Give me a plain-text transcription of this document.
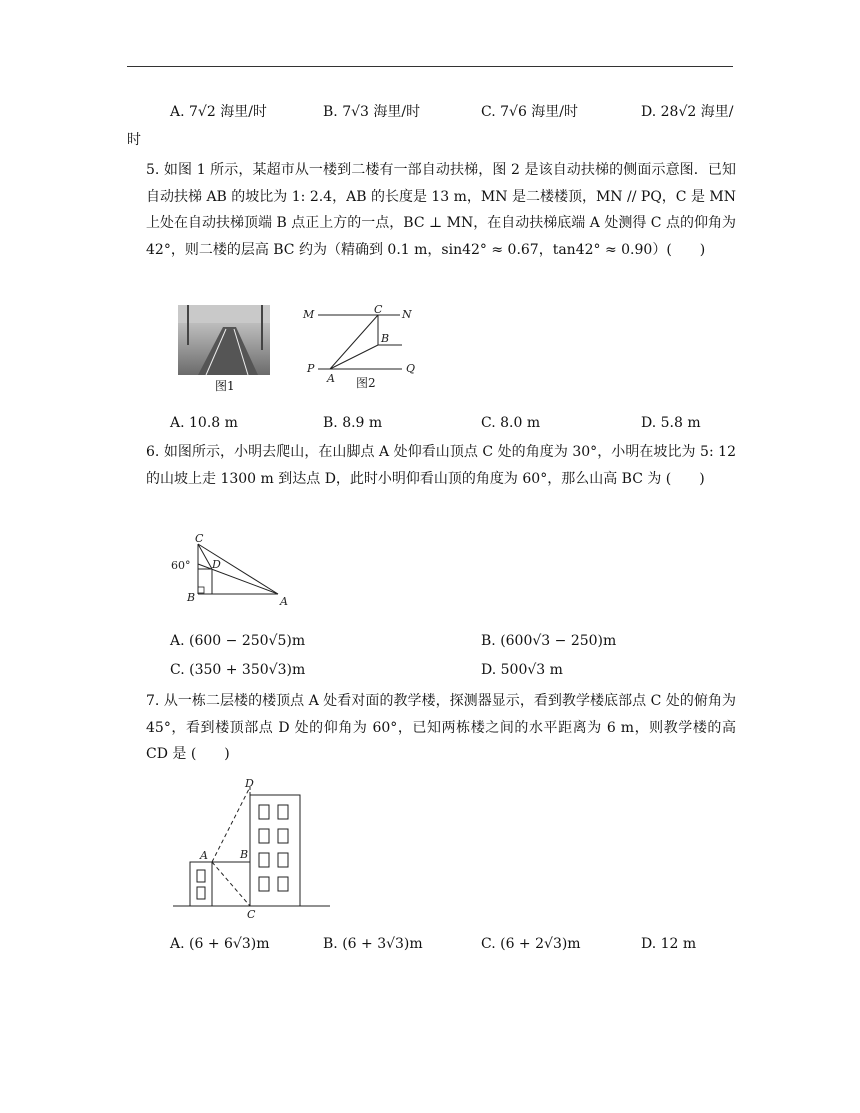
A. 7√2 海里/时	B. 7√3 海里/时	C. 7√6 海里/时	D. 28√2 海里/
时
5. 如图 1 所示，某超市从一楼到二楼有一部自动扶梯，图 2 是该自动扶梯的侧面示意图．已知自动扶梯 AB 的坡比为 1: 2.4，AB 的长度是 13 m，MN 是二楼楼顶，MN // PQ，C 是 MN 上处在自动扶梯顶端 B 点正上方的一点，BC ⊥ MN，在自动扶梯底端 A 处测得 C 点的仰角为 42°，则二楼的层高 BC 约为（精确到 0.1 m，sin42° ≈ 0.67，tan42° ≈ 0.90）(　　)
图1
M	C N
B
P
A
Q
图2
A. 10.8 m	B. 8.9 m	C. 8.0 m	D. 5.8 m
6. 如图所示，小明去爬山，在山脚点 A 处仰看山顶点 C 处的角度为 30°，小明在坡比为 5: 12 的山坡上走 1300 m 到达点 D，此时小明仰看山顶的角度为 60°，那么山高 BC 为 (　　)
C
60° D
B	A
A. (600 − 250√5)m	B. (600√3 − 250)m
C. (350 + 350√3)m	D. 500√3 m
7. 从一栋二层楼的楼顶点 A 处看对面的教学楼，探测器显示，看到教学楼底部点 C 处的俯角为 45°，看到楼顶部点 D 处的仰角为 60°，已知两栋楼之间的水平距离为 6 m，则教学楼的高 CD 是 (　　)
D
A	B
C
A. (6 + 6√3)m	B. (6 + 3√3)m	C. (6 + 2√3)m	D. 12 m
